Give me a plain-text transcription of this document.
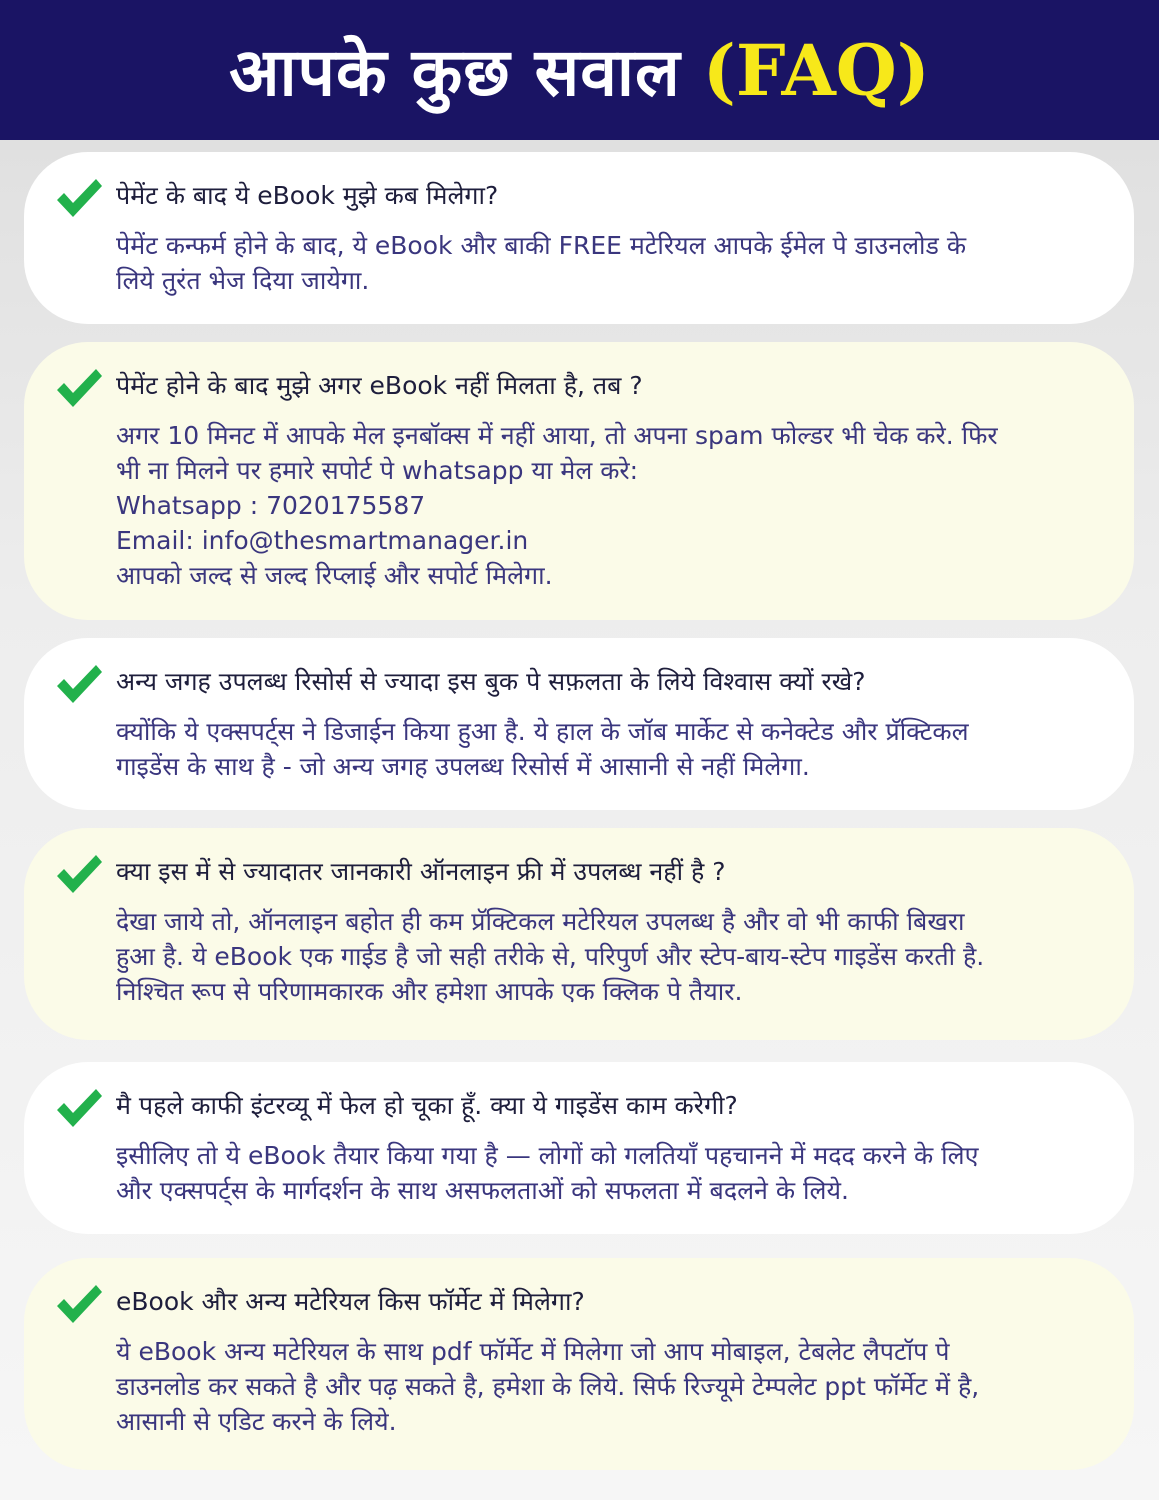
आपके कुछ सवाल (FAQ)
पेमेंट के बाद ये eBook मुझे कब मिलेगा?
पेमेंट कन्फर्म होने के बाद, ये eBook और बाकी FREE मटेरियल आपके ईमेल पे डाउनलोड के
लिये तुरंत भेज दिया जायेगा.
पेमेंट होने के बाद मुझे अगर eBook नहीं मिलता है, तब ?
अगर 10 मिनट में आपके मेल इनबॉक्स में नहीं आया, तो अपना spam फोल्डर भी चेक करे. फिर
भी ना मिलने पर हमारे सपोर्ट पे whatsapp या मेल करे:
Whatsapp : 7020175587
Email: info@thesmartmanager.in
आपको जल्द से जल्द रिप्लाई और सपोर्ट मिलेगा.
अन्य जगह उपलब्ध रिसोर्स से ज्यादा इस बुक पे सफ़लता के लिये विश्वास क्यों रखे?
क्योंकि ये एक्सपर्ट्स ने डिजाईन किया हुआ है. ये हाल के जॉब मार्केट से कनेक्टेड और प्रॅक्टिकल
गाइडेंस के साथ है - जो अन्य जगह उपलब्ध रिसोर्स में आसानी से नहीं मिलेगा.
क्या इस में से ज्यादातर जानकारी ऑनलाइन फ्री में उपलब्ध नहीं है ?
देखा जाये तो, ऑनलाइन बहोत ही कम प्रॅक्टिकल मटेरियल उपलब्ध है और वो भी काफी बिखरा
हुआ है. ये eBook एक गाईड है जो सही तरीके से, परिपुर्ण और स्टेप-बाय-स्टेप गाइडेंस करती है.
निश्चित रूप से परिणामकारक और हमेशा आपके एक क्लिक पे तैयार.
मै पहले काफी इंटरव्यू में फेल हो चूका हूँ. क्या ये गाइडेंस काम करेगी?
इसीलिए तो ये eBook तैयार किया गया है — लोगों को गलतियाँ पहचानने में मदद करने के लिए
और एक्सपर्ट्स के मार्गदर्शन के साथ असफलताओं को सफलता में बदलने के लिये.
eBook और अन्य मटेरियल किस फॉर्मेट में मिलेगा?
ये eBook अन्य मटेरियल के साथ pdf फॉर्मेट में मिलेगा जो आप मोबाइल, टेबलेट लैपटॉप पे
डाउनलोड कर सकते है और पढ़ सकते है, हमेशा के लिये. सिर्फ रिज्यूमे टेम्पलेट ppt फॉर्मेट में है,
आसानी से एडिट करने के लिये.
